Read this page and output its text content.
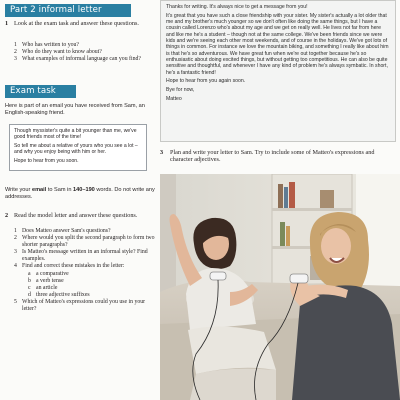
Part 2 informal letter
1 Look at the exam task and answer these questions.
1 Who has written to you?
2 Who do they want to know about?
3 What examples of informal language can you find?
Exam task
Here is part of an email you have received from Sam, an English-speaking friend.

Though myssister's quite a bit younger than me, we've good friends most of the time!

So tell me about a relative of yours who you see a lot – and why you enjoy being with him or her.

Hope to hear from you soon.

Write your email to Sam in 140–190 words. Do not write any addresses.
2 Read the model letter and answer these questions.
1 Does Matteo answer Sam's questions?
2 Where would you split the second paragraph to form two shorter paragraphs?
3 Is Matteo's message written in an informal style? Find examples.
4 Find and correct these mistakes in the letter:
a a comparative
b a verb tense
c an article
d three adjective suffixes
5 Which of Matteo's expressions could you use in your letter?

Thanks for writing. It's always nice to get a message from you!

It's great that you have such a close friendship with your sister. My sister's actually a lot older that me and my brother's much younger so we don't often like doing the same things, but I have a cousin called Lorenzo who's about my age and we get on really well. He lives not far from here and like me he's a student – though not at the same college. We've been friends since we were kids and we're seeing each other most weekends, and of course in the holidays. We've got lots of things in common. For instance we love the mountain biking, and something I really like about him is that he's so adventurous. We have great fun when we're out together because he's so enthusiastic about doing excited things, but without getting too competitious. He can also be quite sensitive and thoughtful, and whenever I have any kind of problem he's always symbatic. In short, he's a fantastic friend!

Hope to hear from you again soon.

Bye for now,

Matteo

3	Plan and write your letter to Sam. Try to include some of Matteo's expressions and character adjectives.
